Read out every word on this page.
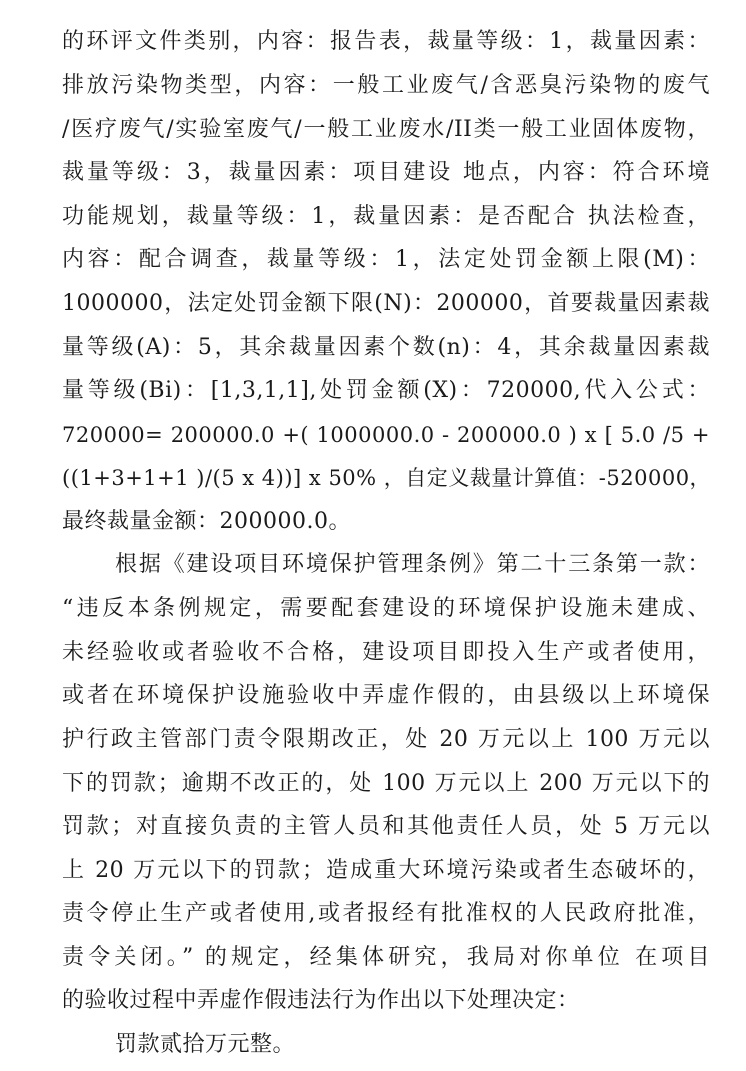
的环评文件类别，内容：报告表，裁量等级：1，裁量因素：
排放污染物类型，内容：一般工业废气/含恶臭污染物的废气
/医疗废气/实验室废气/一般工业废水/II类一般工业固体废物，
裁量等级：3，裁量因素：项目建设 地点，内容：符合环境
功能规划，裁量等级：1，裁量因素：是否配合 执法检查，
内容：配合调查，裁量等级：1，法定处罚金额上限(M)：
1000000，法定处罚金额下限(N)：200000，首要裁量因素裁
量等级(A)：5，其余裁量因素个数(n)：4，其余裁量因素裁
量等级(Bi)：[1,3,1,1],处罚金额(X)：720000,代入公式：
720000= 200000.0 +( 1000000.0 - 200000.0 ) x [ 5.0 /5 +
((1+3+1+1 )/(5 x 4))] x 50% ，自定义裁量计算值：-520000，
最终裁量金额：200000.0。
根据《建设项目环境保护管理条例》第二十三条第一款：
“违反本条例规定，需要配套建设的环境保护设施未建成、
未经验收或者验收不合格，建设项目即投入生产或者使用，
或者在环境保护设施验收中弄虚作假的，由县级以上环境保
护行政主管部门责令限期改正，处 20 万元以上 100 万元以
下的罚款；逾期不改正的，处 100 万元以上 200 万元以下的
罚款；对直接负责的主管人员和其他责任人员，处 5 万元以
上 20 万元以下的罚款；造成重大环境污染或者生态破坏的，
责令停止生产或者使用,或者报经有批准权的人民政府批准，
责令关闭。” 的规定，经集体研究，我局对你单位 在项目
的验收过程中弄虚作假违法行为作出以下处理决定：
罚款贰拾万元整。
